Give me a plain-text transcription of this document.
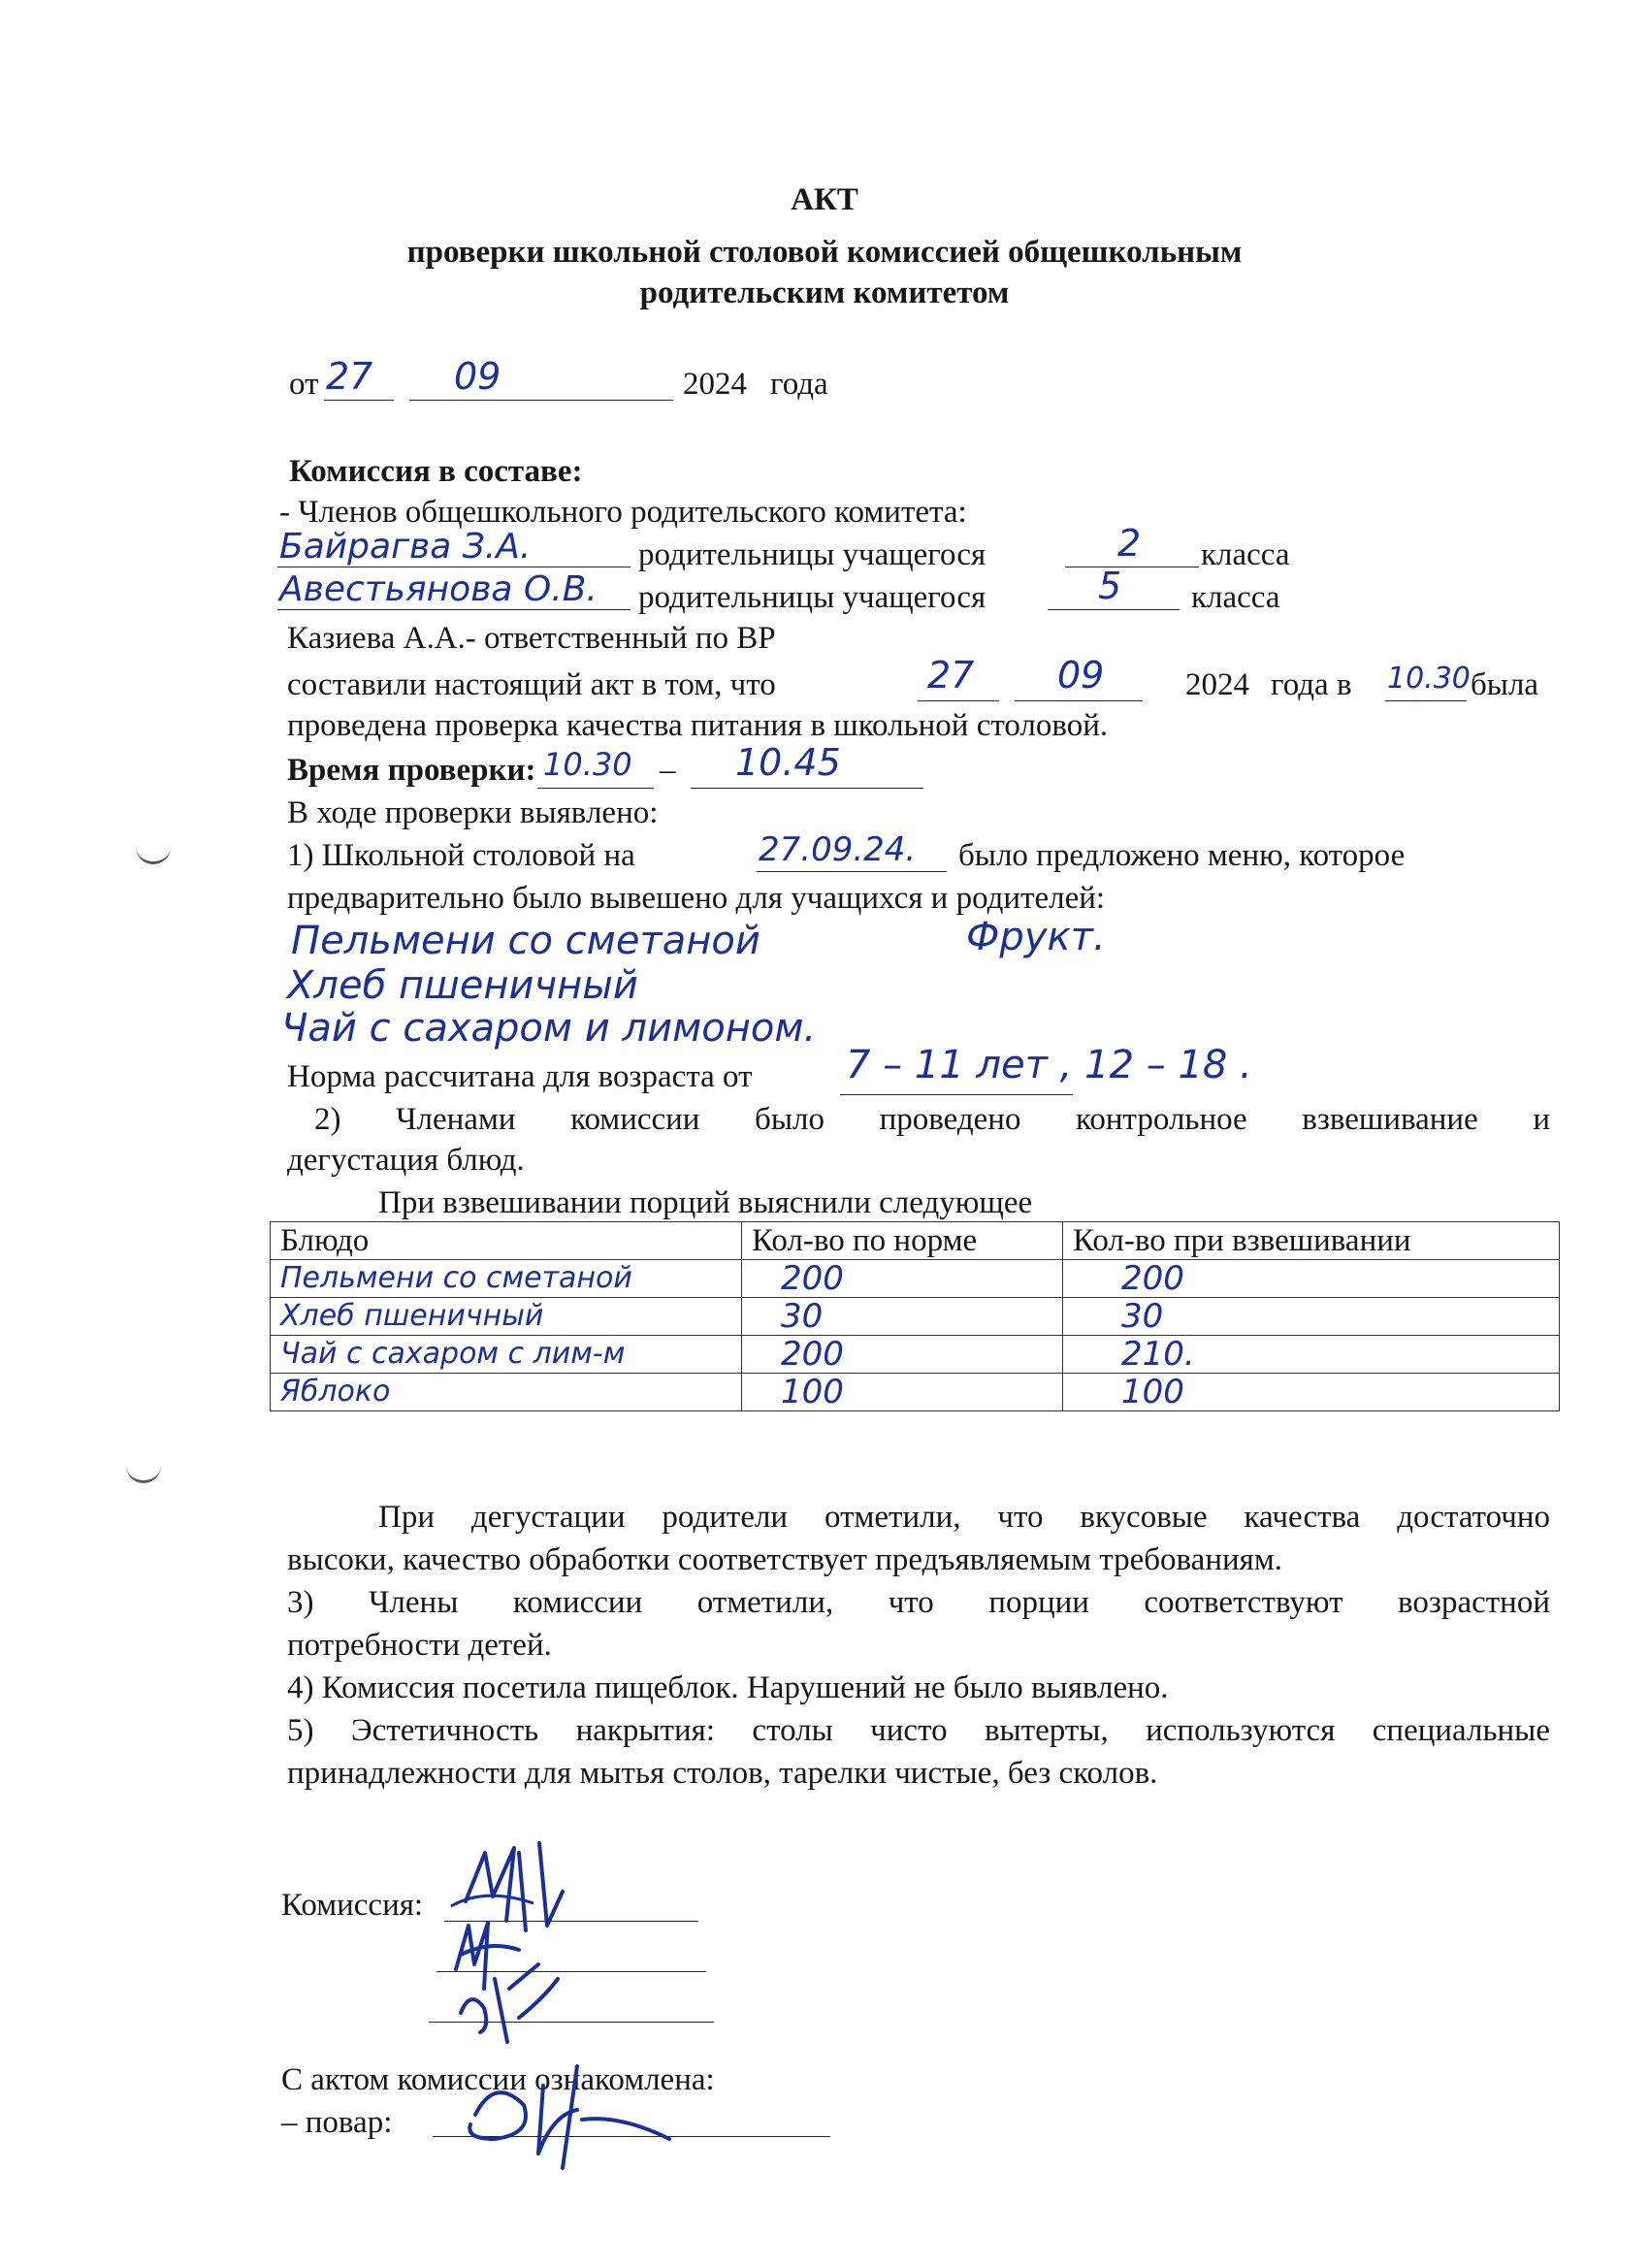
АКТ
проверки школьной столовой комиссией общешкольным
родительским комитетом
от 27 09	2024 года
Комиссия в составе:
- Членов общешкольного родительского комитета:
Байрагва З.А.	родительницы учащегося	2 класса
Авестьянова О.В. родительницы учащегося	5 класса
Казиева А.А.- ответственный по ВР
составили настоящий акт в том, что	27 09	2024 года в 10.30 была
проведена проверка качества питания в школьной столовой.
Время проверки: 10.30 – 10.45
В ходе проверки выявлено:
1) Школьной столовой на	27.09.24. было предложено меню, которое
предварительно было вывешено для учащихся и родителей:
Пельмени со сметаной	Фрукт.
Хлеб пшеничный
Чай с сахаром и лимоном.
Норма рассчитана для возраста от 7 – 11 лет , 12 – 18 .
2) Членами комиссии было проведено контрольное взвешивание и
дегустация блюд.
При взвешивании порций выяснили следующее
Блюдо	Кол-во по норме	Кол-во при взвешивании
Пельмени со сметаной	200	200
Хлеб пшеничный	30	30
Чай с сахаром с лим-м	200	210.
Яблоко	100	100
При дегустации родители отметили, что вкусовые качества достаточно
высоки, качество обработки соответствует предъявляемым требованиям.
3) Члены комиссии отметили, что порции соответствуют возрастной
потребности детей.
4) Комиссия посетила пищеблок. Нарушений не было выявлено.
5) Эстетичность накрытия: столы чисто вытерты, используются специальные
принадлежности для мытья столов, тарелки чистые, без сколов.
Комиссия:
С актом комиссии ознакомлена:
– повар:
